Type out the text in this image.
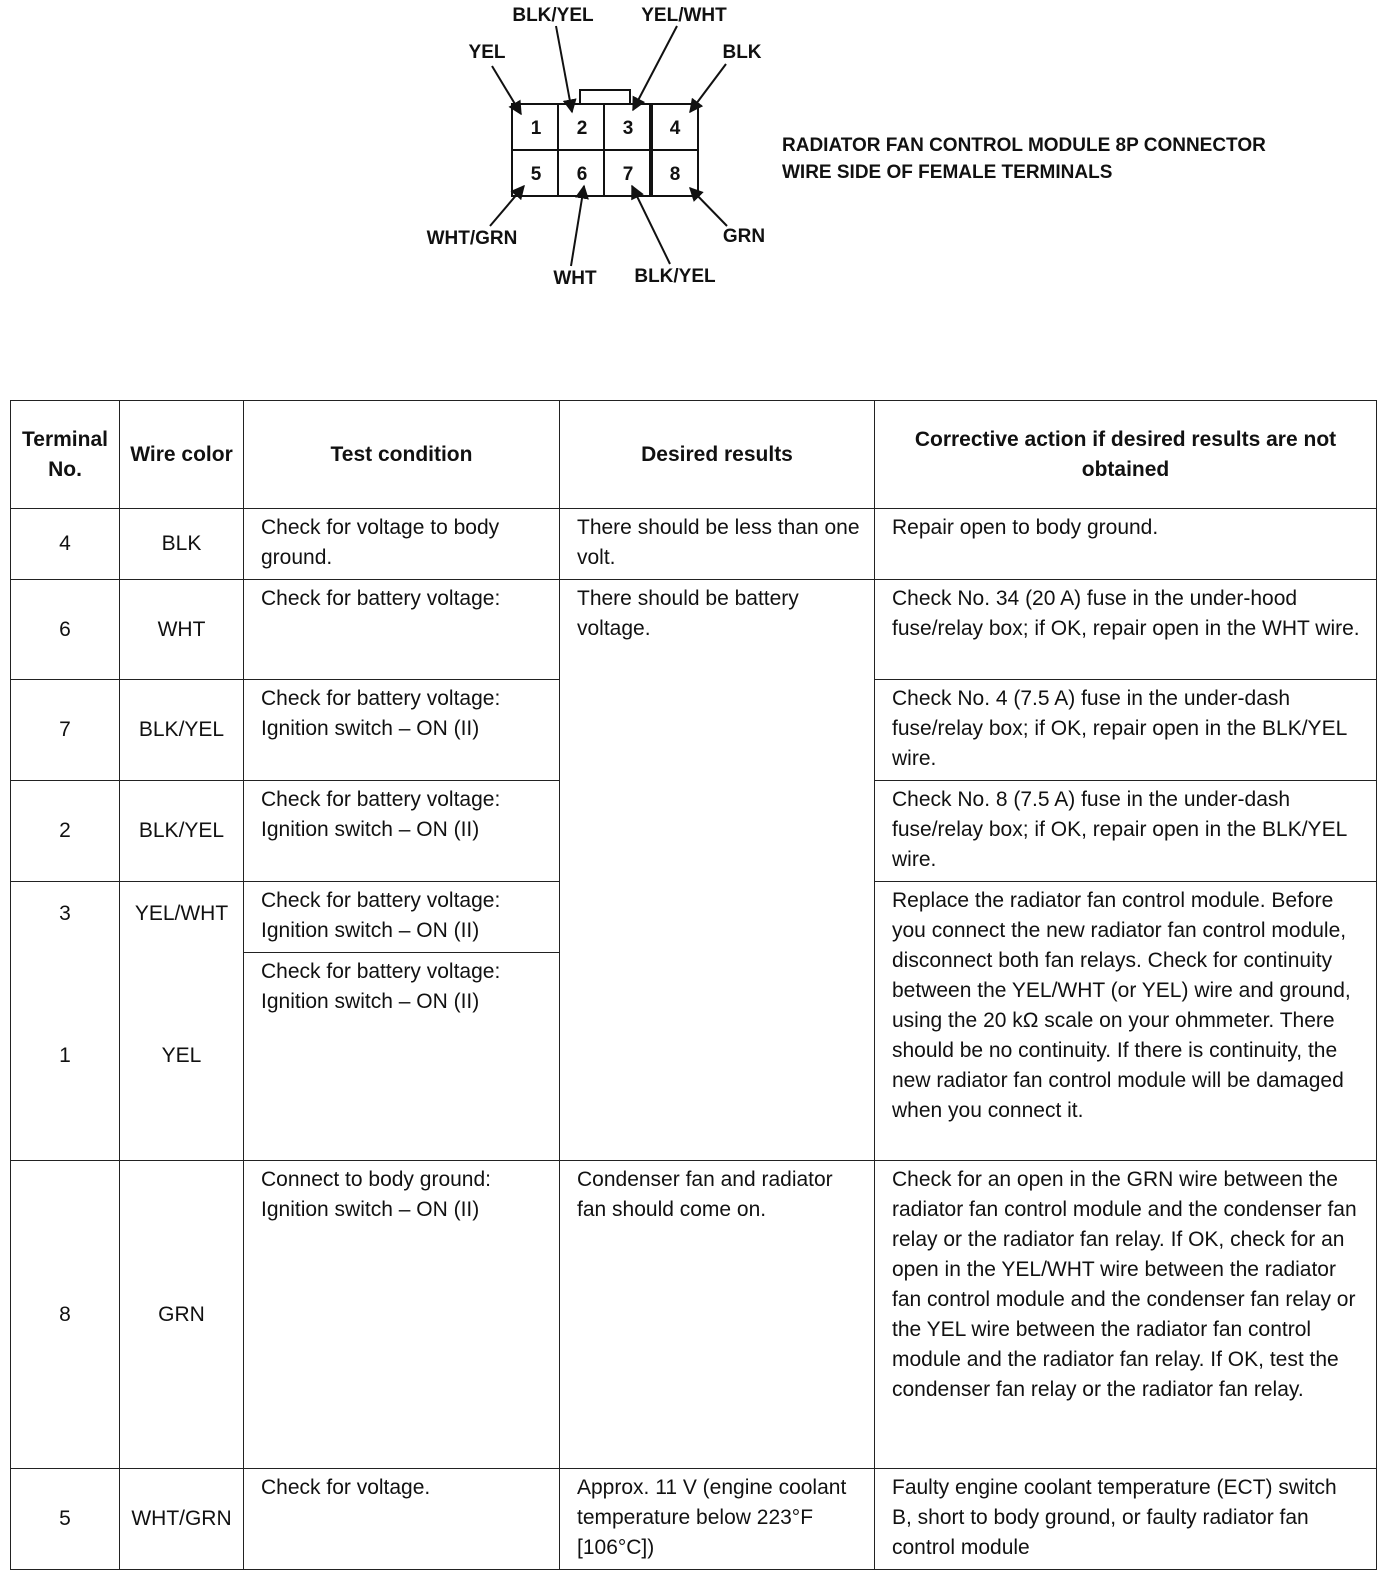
1 2 3 4
5 6 7 8
YEL
BLK/YEL	YEL/WHT
BLK
WHT/GRN
WHT BLK/YEL
GRN
RADIATOR FAN CONTROL MODULE 8P CONNECTOR
WIRE SIDE OF FEMALE TERMINALS
Terminal No.	Wire color	Test condition	Desired results	Corrective action if desired results are not obtained
4	BLK	Check for voltage to body ground.	There should be less than one volt.	Repair open to body ground.
6	WHT	Check for battery voltage:	There should be battery voltage.	Check No. 34 (20 A) fuse in the under-hood fuse/relay box; if OK, repair open in the WHT wire.
7	BLK/YEL	Check for battery voltage:
Ignition switch – ON (II)		Check No. 4 (7.5 A) fuse in the under-dash fuse/relay box; if OK, repair open in the BLK/YEL wire.
2	BLK/YEL	Check for battery voltage:
Ignition switch – ON (II)		Check No. 8 (7.5 A) fuse in the under-dash fuse/relay box; if OK, repair open in the BLK/YEL wire.
3	YEL/WHT	Check for battery voltage:
Ignition switch – ON (II)		Replace the radiator fan control module. Before you connect the new radiator fan control module, disconnect both fan relays. Check for continuity between the YEL/WHT (or YEL) wire and ground, using the 20 kΩ scale on your ohmmeter. There should be no continuity. If there is continuity, the new radiator fan control module will be damaged when you connect it.
1	YEL	Check for battery voltage:
Ignition switch – ON (II)		
8	GRN	Connect to body ground:
Ignition switch – ON (II)	Condenser fan and radiator fan should come on.	Check for an open in the GRN wire between the radiator fan control module and the condenser fan relay or the radiator fan relay. If OK, check for an open in the YEL/WHT wire between the radiator fan control module and the condenser fan relay or the YEL wire between the radiator fan control module and the radiator fan relay. If OK, test the condenser fan relay or the radiator fan relay.
5	WHT/GRN	Check for voltage.	Approx. 11 V (engine coolant temperature below 223°F [106°C])	Faulty engine coolant temperature (ECT) switch B, short to body ground, or faulty radiator fan control module
